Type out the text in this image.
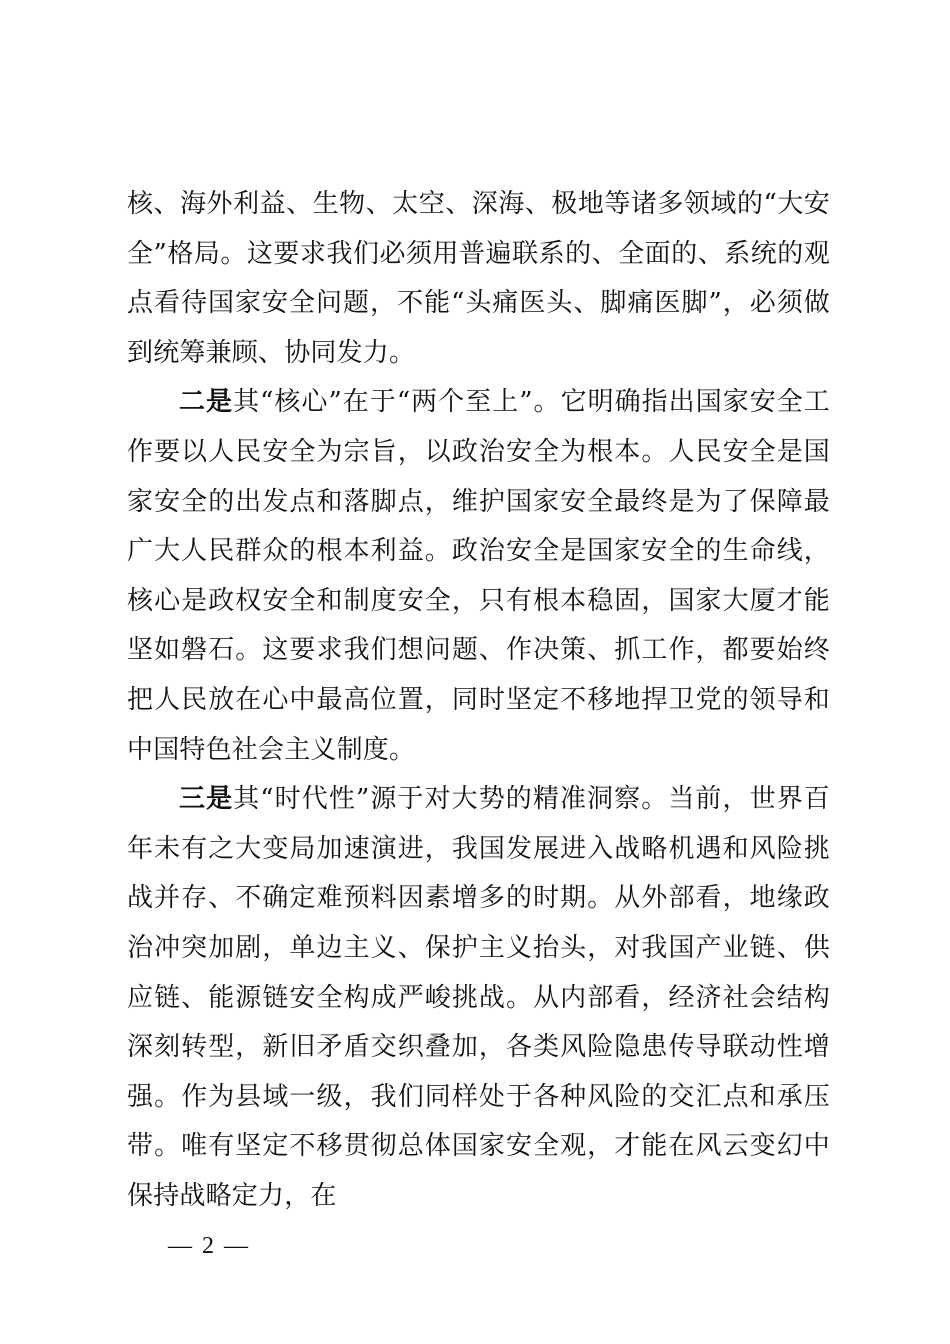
核、海外利益、生物、太空、深海、极地等诸多领域的“大安全”格局。这要求我们必须用普遍联系的、全面的、系统的观点看待国家安全问题，不能“头痛医头、脚痛医脚”，必须做到统筹兼顾、协同发力。

二是其“核心”在于“两个至上”。它明确指出国家安全工作要以人民安全为宗旨，以政治安全为根本。人民安全是国家安全的出发点和落脚点，维护国家安全最终是为了保障最广大人民群众的根本利益。政治安全是国家安全的生命线，核心是政权安全和制度安全，只有根本稳固，国家大厦才能坚如磐石。这要求我们想问题、作决策、抓工作，都要始终把人民放在心中最高位置，同时坚定不移地捍卫党的领导和中国特色社会主义制度。

三是其“时代性”源于对大势的精准洞察。当前，世界百年未有之大变局加速演进，我国发展进入战略机遇和风险挑战并存、不确定难预料因素增多的时期。从外部看，地缘政治冲突加剧，单边主义、保护主义抬头，对我国产业链、供应链、能源链安全构成严峻挑战。从内部看，经济社会结构深刻转型，新旧矛盾交织叠加，各类风险隐患传导联动性增强。作为县域一级，我们同样处于各种风险的交汇点和承压带。唯有坚定不移贯彻总体国家安全观，才能在风云变幻中保持战略定力，在

— 2 —
